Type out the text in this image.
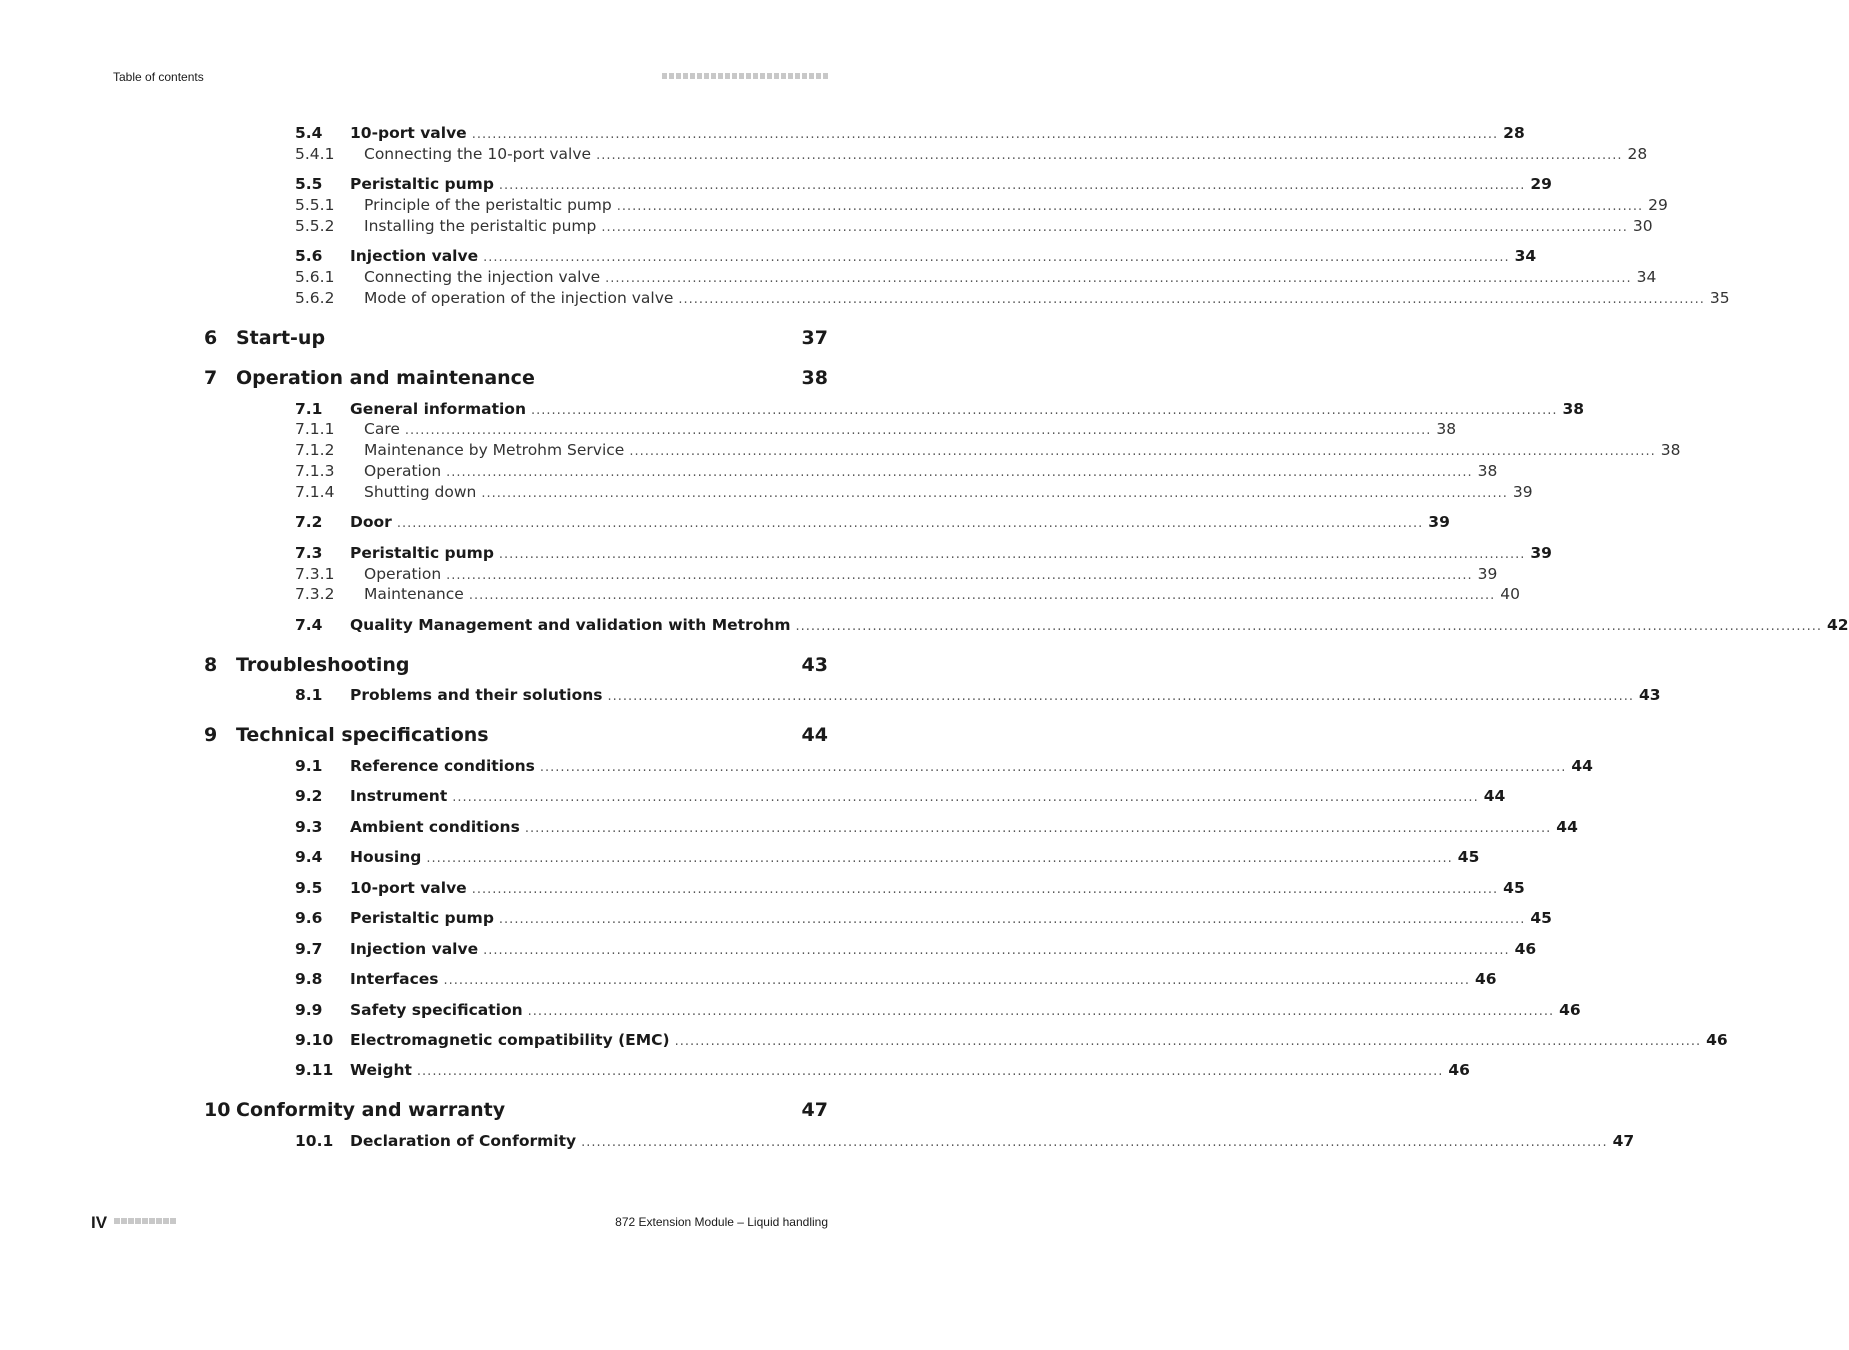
Table of contents
5.4 10-port valve ........................................................................................................................................................................................................ 28
5.4.1 Connecting the 10-port valve ........................................................................................................................................................................................................ 28
5.5 Peristaltic pump ........................................................................................................................................................................................................ 29
5.5.1 Principle of the peristaltic pump ........................................................................................................................................................................................................ 29
5.5.2 Installing the peristaltic pump ........................................................................................................................................................................................................ 30
5.6 Injection valve ........................................................................................................................................................................................................ 34
5.6.1 Connecting the injection valve ........................................................................................................................................................................................................ 34
5.6.2 Mode of operation of the injection valve ........................................................................................................................................................................................................ 35
6 Start-up	37
7 Operation and maintenance	38
7.1 General information ........................................................................................................................................................................................................ 38
7.1.1 Care ........................................................................................................................................................................................................ 38
7.1.2 Maintenance by Metrohm Service ........................................................................................................................................................................................................ 38
7.1.3 Operation ........................................................................................................................................................................................................ 38
7.1.4 Shutting down ........................................................................................................................................................................................................ 39
7.2 Door ........................................................................................................................................................................................................ 39
7.3 Peristaltic pump ........................................................................................................................................................................................................ 39
7.3.1 Operation ........................................................................................................................................................................................................ 39
7.3.2 Maintenance ........................................................................................................................................................................................................ 40
7.4 Quality Management and validation with Metrohm ........................................................................................................................................................................................................ 42
8 Troubleshooting	43
8.1 Problems and their solutions ........................................................................................................................................................................................................ 43
9 Technical specifications	44
9.1 Reference conditions ........................................................................................................................................................................................................ 44
9.2 Instrument ........................................................................................................................................................................................................ 44
9.3 Ambient conditions ........................................................................................................................................................................................................ 44
9.4 Housing ........................................................................................................................................................................................................ 45
9.5 10-port valve ........................................................................................................................................................................................................ 45
9.6 Peristaltic pump ........................................................................................................................................................................................................ 45
9.7 Injection valve ........................................................................................................................................................................................................ 46
9.8 Interfaces ........................................................................................................................................................................................................ 46
9.9 Safety specification ........................................................................................................................................................................................................ 46
9.10 Electromagnetic compatibility (EMC) ........................................................................................................................................................................................................ 46
9.11 Weight ........................................................................................................................................................................................................ 46
10 Conformity and warranty	47
10.1 Declaration of Conformity ........................................................................................................................................................................................................ 47
IV	872 Extension Module – Liquid handling
